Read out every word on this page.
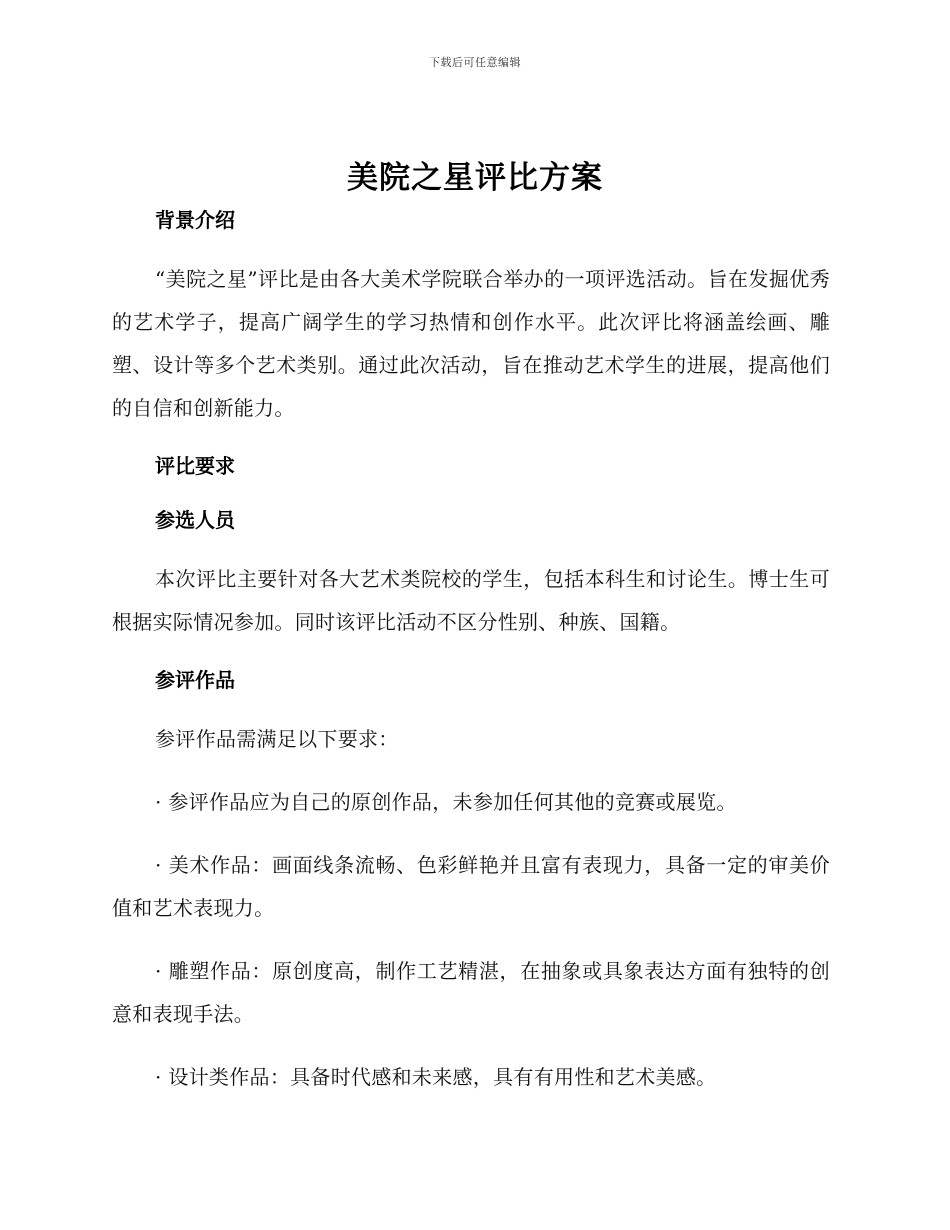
下载后可任意编辑
美院之星评比方案
背景介绍

“美院之星”评比是由各大美术学院联合举办的一项评选活动。旨在发掘优秀的艺术学子，提高广阔学生的学习热情和创作水平。此次评比将涵盖绘画、雕塑、设计等多个艺术类别。通过此次活动，旨在推动艺术学生的进展，提高他们的自信和创新能力。

评比要求
参选人员

本次评比主要针对各大艺术类院校的学生，包括本科生和讨论生。博士生可根据实际情况参加。同时该评比活动不区分性别、种族、国籍。

参评作品

参评作品需满足以下要求：

· 参评作品应为自己的原创作品，未参加任何其他的竞赛或展览。

· 美术作品：画面线条流畅、色彩鲜艳并且富有表现力，具备一定的审美价值和艺术表现力。

· 雕塑作品：原创度高，制作工艺精湛，在抽象或具象表达方面有独特的创意和表现手法。

· 设计类作品：具备时代感和未来感，具有有用性和艺术美感。
